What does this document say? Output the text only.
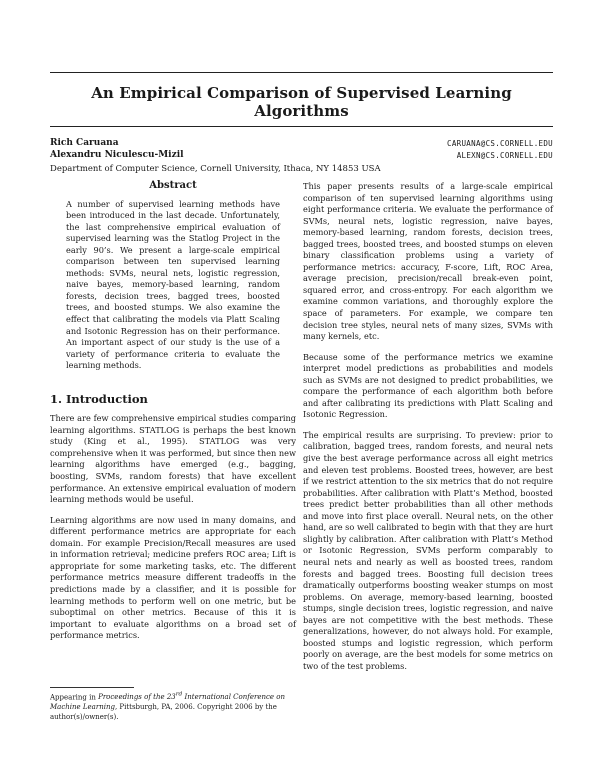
An Empirical Comparison of Supervised Learning Algorithms
Rich Caruana	CARUANA@CS.CORNELL.EDU
Alexandru Niculescu-Mizil	ALEXN@CS.CORNELL.EDU
Department of Computer Science, Cornell University, Ithaca, NY 14853 USA
Abstract

A number of supervised learning methods have been introduced in the last decade. Unfortunately, the last comprehensive empirical evaluation of supervised learning was the Statlog Project in the early 90’s. We present a large-scale empirical comparison between ten supervised learning methods: SVMs, neural nets, logistic regression, naive bayes, memory-based learning, random forests, decision trees, bagged trees, boosted trees, and boosted stumps. We also examine the effect that calibrating the models via Platt Scaling and Isotonic Regression has on their performance. An important aspect of our study is the use of a variety of performance criteria to evaluate the learning methods.

1. Introduction

There are few comprehensive empirical studies comparing learning algorithms. STATLOG is perhaps the best known study (King et al., 1995). STATLOG was very comprehensive when it was performed, but since then new learning algorithms have emerged (e.g., bagging, boosting, SVMs, random forests) that have excellent performance. An extensive empirical evaluation of modern learning methods would be useful.

Learning algorithms are now used in many domains, and different performance metrics are appropriate for each domain. For example Precision/Recall measures are used in information retrieval; medicine prefers ROC area; Lift is appropriate for some marketing tasks, etc. The different performance metrics measure different tradeoffs in the predictions made by a classifier, and it is possible for learning methods to perform well on one metric, but be suboptimal on other metrics. Because of this it is important to evaluate algorithms on a broad set of performance metrics.

Appearing in Proceedings of the 23rd International Conference on Machine Learning, Pittsburgh, PA, 2006. Copyright 2006 by the author(s)/owner(s).

This paper presents results of a large-scale empirical comparison of ten supervised learning algorithms using eight performance criteria. We evaluate the performance of SVMs, neural nets, logistic regression, naive bayes, memory-based learning, random forests, decision trees, bagged trees, boosted trees, and boosted stumps on eleven binary classification problems using a variety of performance metrics: accuracy, F-score, Lift, ROC Area, average precision, precision/recall break-even point, squared error, and cross-entropy. For each algorithm we examine common variations, and thoroughly explore the space of parameters. For example, we compare ten decision tree styles, neural nets of many sizes, SVMs with many kernels, etc.

Because some of the performance metrics we examine interpret model predictions as probabilities and models such as SVMs are not designed to predict probabilities, we compare the performance of each algorithm both before and after calibrating its predictions with Platt Scaling and Isotonic Regression.

The empirical results are surprising. To preview: prior to calibration, bagged trees, random forests, and neural nets give the best average performance across all eight metrics and eleven test problems. Boosted trees, however, are best if we restrict attention to the six metrics that do not require probabilities. After calibration with Platt’s Method, boosted trees predict better probabilities than all other methods and move into first place overall. Neural nets, on the other hand, are so well calibrated to begin with that they are hurt slightly by calibration. After calibration with Platt’s Method or Isotonic Regression, SVMs perform comparably to neural nets and nearly as well as boosted trees, random forests and bagged trees. Boosting full decision trees dramatically outperforms boosting weaker stumps on most problems. On average, memory-based learning, boosted stumps, single decision trees, logistic regression, and naive bayes are not competitive with the best methods. These generalizations, however, do not always hold. For example, boosted stumps and logistic regression, which perform poorly on average, are the best models for some metrics on two of the test problems.
